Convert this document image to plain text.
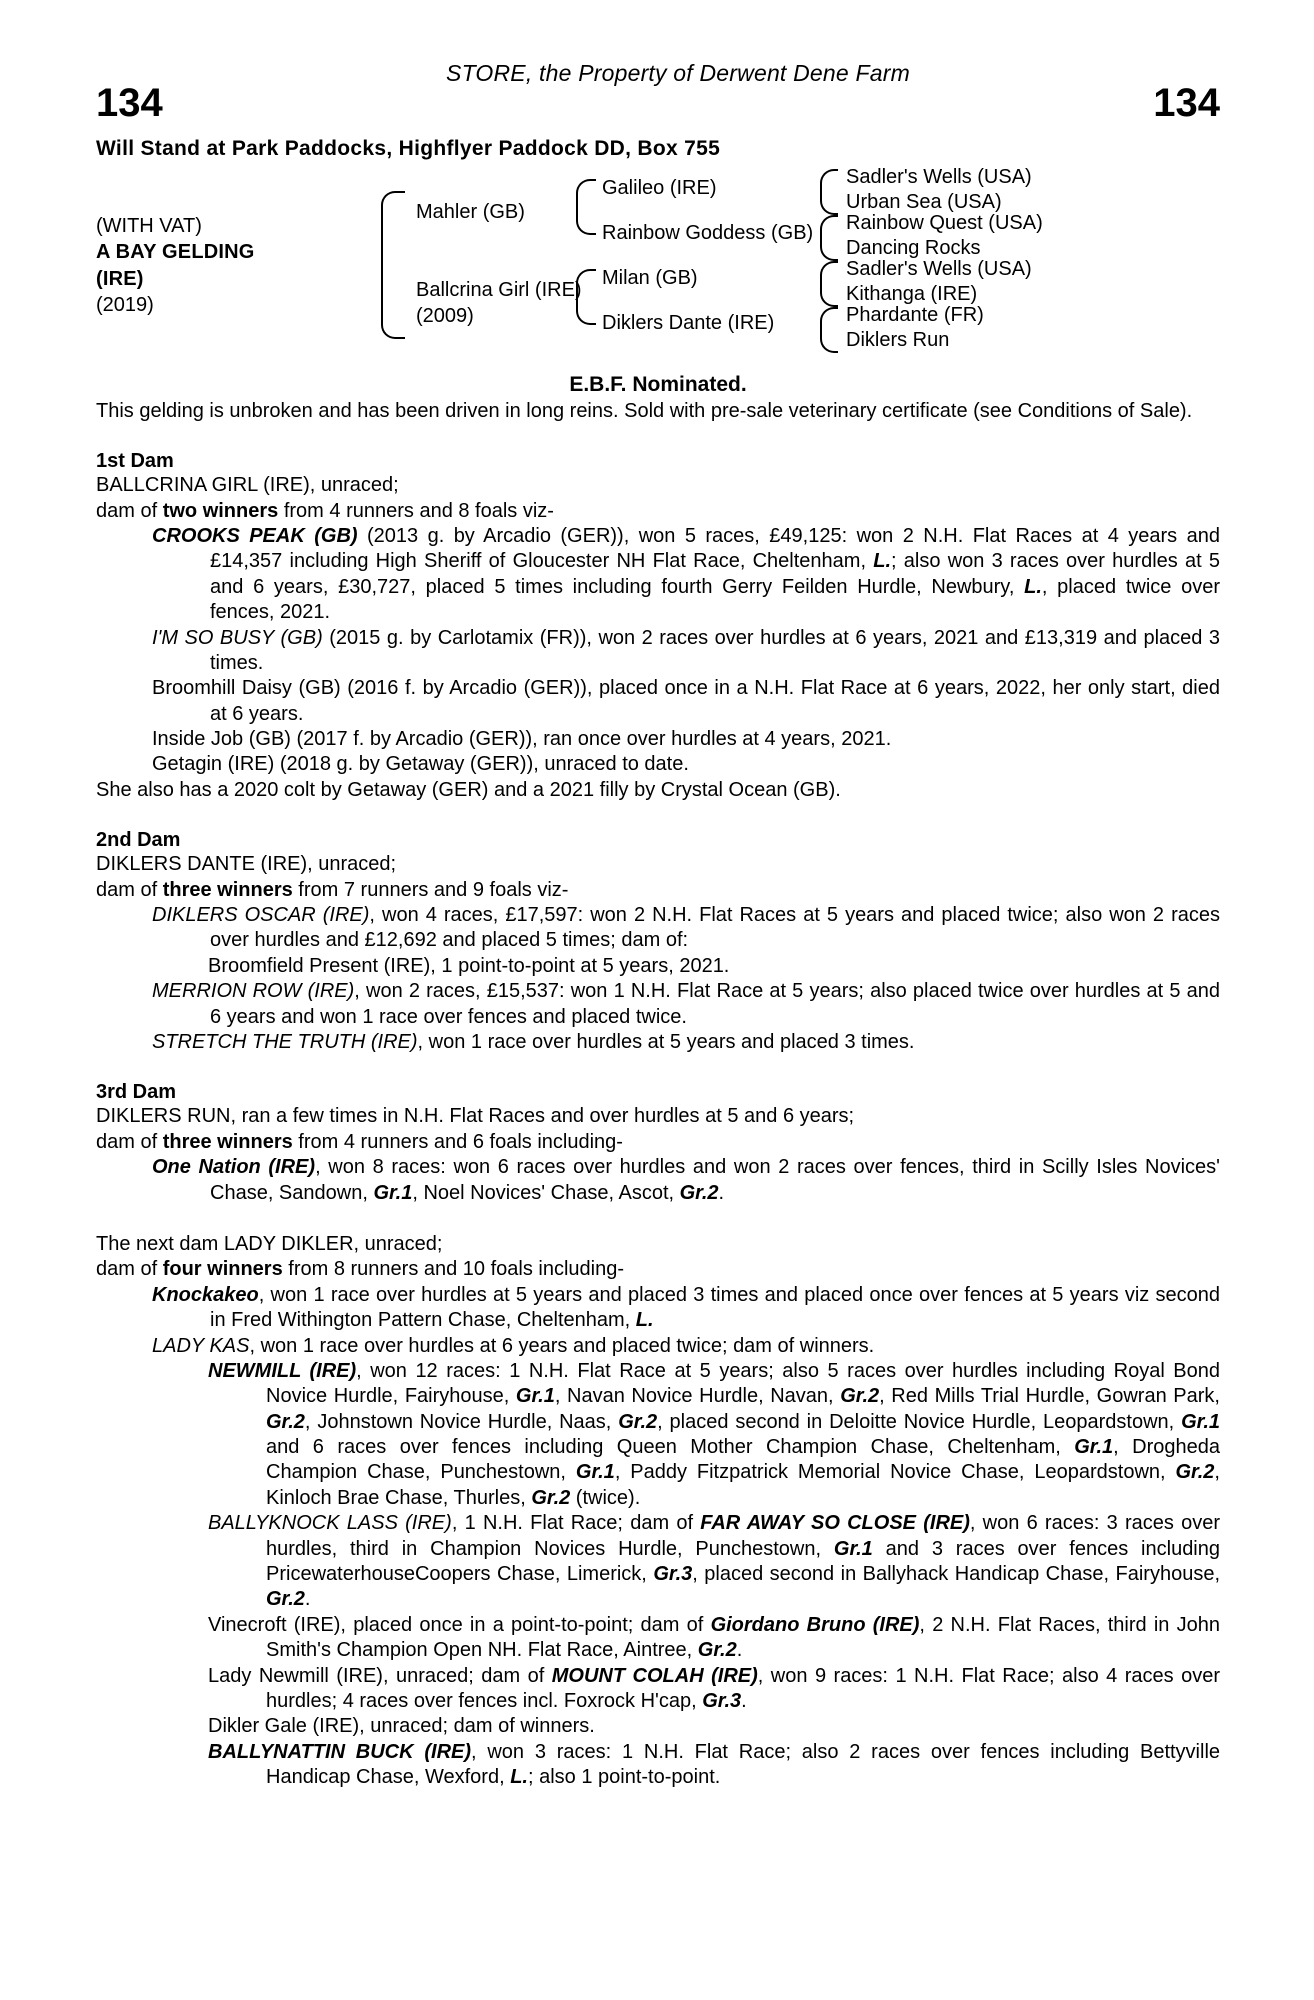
STORE, the Property of Derwent Dene Farm
134	134
Will Stand at Park Paddocks, Highflyer Paddock DD, Box 755
(WITH VAT)
A BAY GELDING
(IRE)
(2019)
Mahler (GB)
Ballcrina Girl (IRE)
(2009)
Galileo (IRE)
Rainbow Goddess (GB)
Milan (GB)
Diklers Dante (IRE)
Sadler's Wells (USA)
Urban Sea (USA)
Rainbow Quest (USA)
Dancing Rocks
Sadler's Wells (USA)
Kithanga (IRE)
Phardante (FR)
Diklers Run
E.B.F. Nominated.
This gelding is unbroken and has been driven in long reins. Sold with pre-sale veterinary certificate (see Conditions of Sale).
1st Dam
BALLCRINA GIRL (IRE), unraced;
dam of two winners from 4 runners and 8 foals viz-
CROOKS PEAK (GB) (2013 g. by Arcadio (GER)), won 5 races, £49,125: won 2 N.H. Flat Races at 4 years and £14,357 including High Sheriff of Gloucester NH Flat Race, Cheltenham, L.; also won 3 races over hurdles at 5 and 6 years, £30,727, placed 5 times including fourth Gerry Feilden Hurdle, Newbury, L., placed twice over fences, 2021.
I'M SO BUSY (GB) (2015 g. by Carlotamix (FR)), won 2 races over hurdles at 6 years, 2021 and £13,319 and placed 3 times.
Broomhill Daisy (GB) (2016 f. by Arcadio (GER)), placed once in a N.H. Flat Race at 6 years, 2022, her only start, died at 6 years.
Inside Job (GB) (2017 f. by Arcadio (GER)), ran once over hurdles at 4 years, 2021.
Getagin (IRE) (2018 g. by Getaway (GER)), unraced to date.
She also has a 2020 colt by Getaway (GER) and a 2021 filly by Crystal Ocean (GB).
2nd Dam
DIKLERS DANTE (IRE), unraced;
dam of three winners from 7 runners and 9 foals viz-
DIKLERS OSCAR (IRE), won 4 races, £17,597: won 2 N.H. Flat Races at 5 years and placed twice; also won 2 races over hurdles and £12,692 and placed 5 times; dam of:
Broomfield Present (IRE), 1 point-to-point at 5 years, 2021.
MERRION ROW (IRE), won 2 races, £15,537: won 1 N.H. Flat Race at 5 years; also placed twice over hurdles at 5 and 6 years and won 1 race over fences and placed twice.
STRETCH THE TRUTH (IRE), won 1 race over hurdles at 5 years and placed 3 times.
3rd Dam
DIKLERS RUN, ran a few times in N.H. Flat Races and over hurdles at 5 and 6 years;
dam of three winners from 4 runners and 6 foals including-
One Nation (IRE), won 8 races: won 6 races over hurdles and won 2 races over fences, third in Scilly Isles Novices' Chase, Sandown, Gr.1, Noel Novices' Chase, Ascot, Gr.2.
The next dam LADY DIKLER, unraced;
dam of four winners from 8 runners and 10 foals including-
Knockakeo, won 1 race over hurdles at 5 years and placed 3 times and placed once over fences at 5 years viz second in Fred Withington Pattern Chase, Cheltenham, L.
LADY KAS, won 1 race over hurdles at 6 years and placed twice; dam of winners.
NEWMILL (IRE), won 12 races: 1 N.H. Flat Race at 5 years; also 5 races over hurdles including Royal Bond Novice Hurdle, Fairyhouse, Gr.1, Navan Novice Hurdle, Navan, Gr.2, Red Mills Trial Hurdle, Gowran Park, Gr.2, Johnstown Novice Hurdle, Naas, Gr.2, placed second in Deloitte Novice Hurdle, Leopardstown, Gr.1 and 6 races over fences including Queen Mother Champion Chase, Cheltenham, Gr.1, Drogheda Champion Chase, Punchestown, Gr.1, Paddy Fitzpatrick Memorial Novice Chase, Leopardstown, Gr.2, Kinloch Brae Chase, Thurles, Gr.2 (twice).
BALLYKNOCK LASS (IRE), 1 N.H. Flat Race; dam of FAR AWAY SO CLOSE (IRE), won 6 races: 3 races over hurdles, third in Champion Novices Hurdle, Punchestown, Gr.1 and 3 races over fences including PricewaterhouseCoopers Chase, Limerick, Gr.3, placed second in Ballyhack Handicap Chase, Fairyhouse, Gr.2.
Vinecroft (IRE), placed once in a point-to-point; dam of Giordano Bruno (IRE), 2 N.H. Flat Races, third in John Smith's Champion Open NH. Flat Race, Aintree, Gr.2.
Lady Newmill (IRE), unraced; dam of MOUNT COLAH (IRE), won 9 races: 1 N.H. Flat Race; also 4 races over hurdles; 4 races over fences incl. Foxrock H'cap, Gr.3.
Dikler Gale (IRE), unraced; dam of winners.
BALLYNATTIN BUCK (IRE), won 3 races: 1 N.H. Flat Race; also 2 races over fences including Bettyville Handicap Chase, Wexford, L.; also 1 point-to-point.
